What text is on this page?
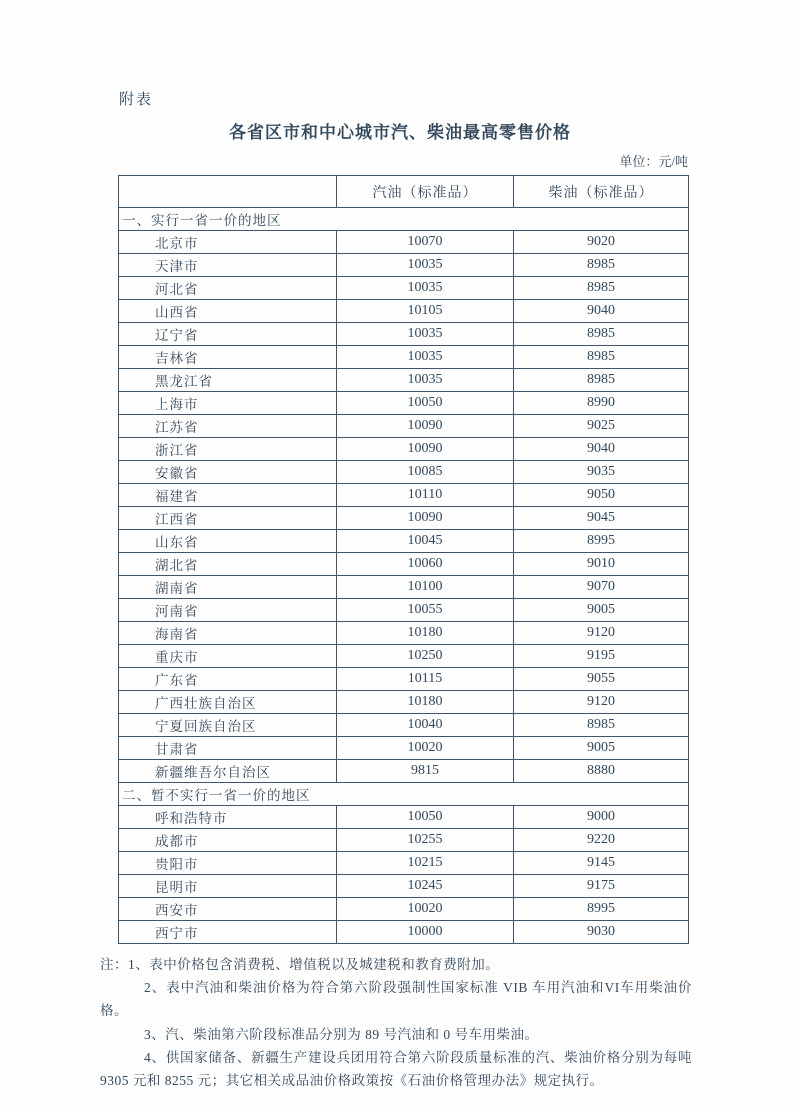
附表
各省区市和中心城市汽、柴油最高零售价格
单位：元/吨
	汽油（标准品）	柴油（标准品）
一、实行一省一价的地区		
北京市	10070	9020
天津市	10035	8985
河北省	10035	8985
山西省	10105	9040
辽宁省	10035	8985
吉林省	10035	8985
黑龙江省	10035	8985
上海市	10050	8990
江苏省	10090	9025
浙江省	10090	9040
安徽省	10085	9035
福建省	10110	9050
江西省	10090	9045
山东省	10045	8995
湖北省	10060	9010
湖南省	10100	9070
河南省	10055	9005
海南省	10180	9120
重庆市	10250	9195
广东省	10115	9055
广西壮族自治区	10180	9120
宁夏回族自治区	10040	8985
甘肃省	10020	9005
新疆维吾尔自治区	9815	8880
二、暂不实行一省一价的地区		
呼和浩特市	10050	9000
成都市	10255	9220
贵阳市	10215	9145
昆明市	10245	9175
西安市	10020	8995
西宁市	10000	9030

注：1、表中价格包含消费税、增值税以及城建税和教育费附加。

2、表中汽油和柴油价格为符合第六阶段强制性国家标准 VIB 车用汽油和VI车用柴油价格。

3、汽、柴油第六阶段标准品分别为 89 号汽油和 0 号车用柴油。

4、供国家储备、新疆生产建设兵团用符合第六阶段质量标准的汽、柴油价格分别为每吨 9305 元和 8255 元；其它相关成品油价格政策按《石油价格管理办法》规定执行。
